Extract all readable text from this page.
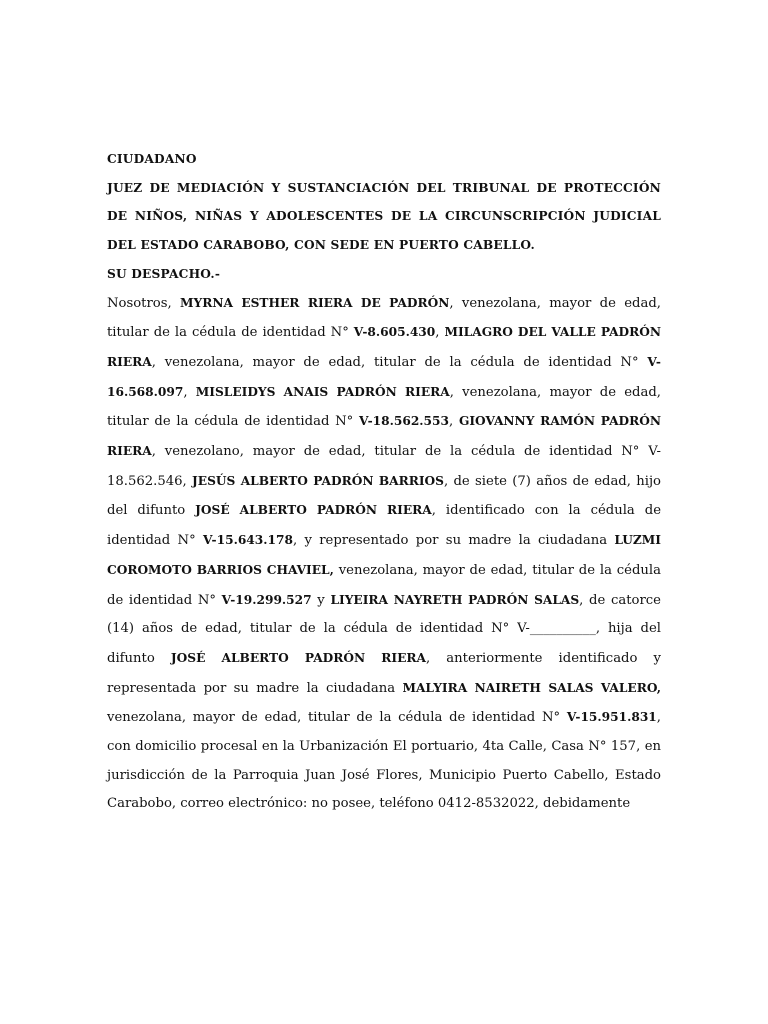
CIUDADANO

JUEZ DE MEDIACIÓN Y SUSTANCIACIÓN DEL TRIBUNAL DE PROTECCIÓN DE NIÑOS, NIÑAS Y ADOLESCENTES DE LA CIRCUNSCRIPCIÓN JUDICIAL DEL ESTADO CARABOBO, CON SEDE EN PUERTO CABELLO.

SU DESPACHO.-

Nosotros, MYRNA ESTHER RIERA DE PADRÓN, venezolana, mayor de edad, titular de la cédula de identidad N° V-8.605.430, MILAGRO DEL VALLE PADRÓN RIERA, venezolana, mayor de edad, titular de la cédula de identidad N° V-16.568.097, MISLEIDYS ANAIS PADRÓN RIERA, venezolana, mayor de edad, titular de la cédula de identidad N° V-18.562.553, GIOVANNY RAMÓN PADRÓN RIERA, venezolano, mayor de edad, titular de la cédula de identidad N° V-18.562.546, JESÚS ALBERTO PADRÓN BARRIOS, de siete (7) años de edad, hijo del difunto JOSÉ ALBERTO PADRÓN RIERA, identificado con la cédula de identidad N° V-15.643.178, y representado por su madre la ciudadana LUZMI COROMOTO BARRIOS CHAVIEL, venezolana, mayor de edad, titular de la cédula de identidad N° V-19.299.527 y LIYEIRA NAYRETH PADRÓN SALAS, de catorce (14) años de edad, titular de la cédula de identidad N° V-__________, hija del difunto JOSÉ ALBERTO PADRÓN RIERA, anteriormente identificado y representada por su madre la ciudadana MALYIRA NAIRETH SALAS VALERO, venezolana, mayor de edad, titular de la cédula de identidad N° V-15.951.831, con domicilio procesal en la Urbanización El portuario, 4ta Calle, Casa N° 157, en jurisdicción de la Parroquia Juan José Flores, Municipio Puerto Cabello, Estado Carabobo, correo electrónico: no posee, teléfono 0412-8532022, debidamente
